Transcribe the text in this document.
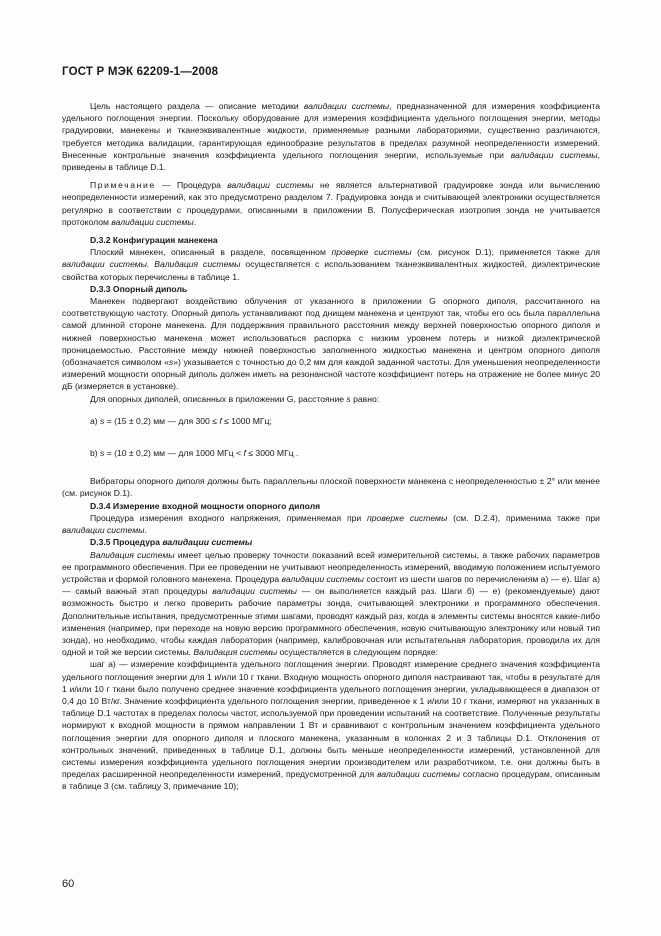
ГОСТ Р МЭК 62209-1—2008

Цель настоящего раздела — описание методики валидации системы, предназначенной для измерения коэффициента удельного поглощения энергии. Поскольку оборудование для измерения коэффициента удельного поглощения энергии, методы градуировки, манекены и тканеэквивалентные жидкости, применяемые разными лабораториями, существенно различаются, требуется методика валидации, гарантирующая единообразие результатов в пределах разумной неопределенности измерений. Внесенные контрольные значения коэффициента удельного поглощения энергии, используемые при валидации системы, приведены в таблице D.1.

Примечание — Процедура валидации системы не является альтернативой градуировке зонда или вычислению неопределенности измерений, как это предусмотрено разделом 7. Градуировка зонда и считывающей электроники осуществляется регулярно в соответствии с процедурами, описанными в приложении В. Полусферическая изотропия зонда не учитывается протоколом валидации системы.

D.3.2 Конфигурация манекена

Плоский манекен, описанный в разделе, посвященном проверке системы (см. рисунок D.1), применяется также для валидации системы. Валидация системы осуществляется с использованием тканеэквивалентных жидкостей, диэлектрические свойства которых перечислены в таблице 1.

D.3.3 Опорный диполь

Манекен подвергают воздействию облучения от указанного в приложении G опорного диполя, рассчитанного на соответствующую частоту. Опорный диполь устанавливают под днищем манекена и центруют так, чтобы его ось была параллельна самой длинной стороне манекена. Для поддержания правильного расстояния между верхней поверхностью опорного диполя и нижней поверхностью манекена может использоваться распорка с низким уровнем потерь и низкой диэлектрической проницаемостью. Расстояние между нижней поверхностью заполненного жидкостью манекена и центром опорного диполя (обозначается символом «s») указывается с точностью до 0,2 мм для каждой заданной частоты. Для уменьшения неопределенности измерений мощности опорный диполь должен иметь на резонансной частоте коэффициент потерь на отражение не более минус 20 дБ (измеряется в установке).

Для опорных диполей, описанных в приложении G, расстояние s равно:

a) s = (15 ± 0,2) мм — для 300 ≤ f ≤ 1000 МГц;

b) s = (10 ± 0,2) мм — для 1000 МГц < f ≤ 3000 МГц .

Вибраторы опорного диполя должны быть параллельны плоской поверхности манекена с неопределенностью ± 2° или менее (см. рисунок D.1).

D.3.4 Измерение входной мощности опорного диполя

Процедура измерения входного напряжения, применяемая при проверке системы (см. D.2.4), применима также при валидации системы.

D.3.5 Процедура валидации системы

Валидация системы имеет целью проверку точности показаний всей измерительной системы, а также рабочих параметров ее программного обеспечения. При ее проведении не учитывают неопределенность измерений, вводимую положением испытуемого устройства и формой головного манекена. Процедура валидации системы состоит из шести шагов по перечислениям а) — е). Шаг а) — самый важный этап процедуры валидации системы — он выполняется каждый раз. Шаги б) — е) (рекомендуемые) дают возможность быстро и легко проверить рабочие параметры зонда, считывающей электроники и программного обеспечения. Дополнительные испытания, предусмотренные этими шагами, проводят каждый раз, когда в элементы системы вносятся какие-либо изменения (например, при переходе на новую версию программного обеспечения, новую считывающую электронику или новый тип зонда), но необходимо, чтобы каждая лаборатория (например, калибровочная или испытательная лаборатория, проводила их для одной и той же версии системы. Валидация системы осуществляется в следующем порядке:

шаг а) — измерение коэффициента удельного поглощения энергии. Проводят измерение среднего значения коэффициента удельного поглощения энергии для 1 и/или 10 г ткани. Входную мощность опорного диполя настраивают так, чтобы в результате для 1 и/или 10 г ткани было получено среднее значение коэффициента удельного поглощения энергии, укладывающееся в диапазон от 0,4 до 10 Вт/кг. Значение коэффициента удельного поглощения энергии, приведенное к 1 и/или 10 г ткани, измеряют на указанных в таблице D.1 частотах в пределах полосы частот, используемой при проведении испытаний на соответствие. Полученные результаты нормируют к входной мощности в прямом направлении 1 Вт и сравнивают с контрольным значением коэффициента удельного поглощения энергии для опорного диполя и плоского манекена, указанным в колонках 2 и 3 таблицы D.1. Отклонения от контрольных значений, приведенных в таблице D.1, должны быть меньше неопределенности измерений, установленной для системы измерения коэффициента удельного поглощения энергии производителем или разработчиком, т.е. они должны быть в пределах расширенной неопределенности измерений, предусмотренной для валидации системы согласно процедурам, описанным в таблице 3 (см. таблицу 3, примечание 10);

60
